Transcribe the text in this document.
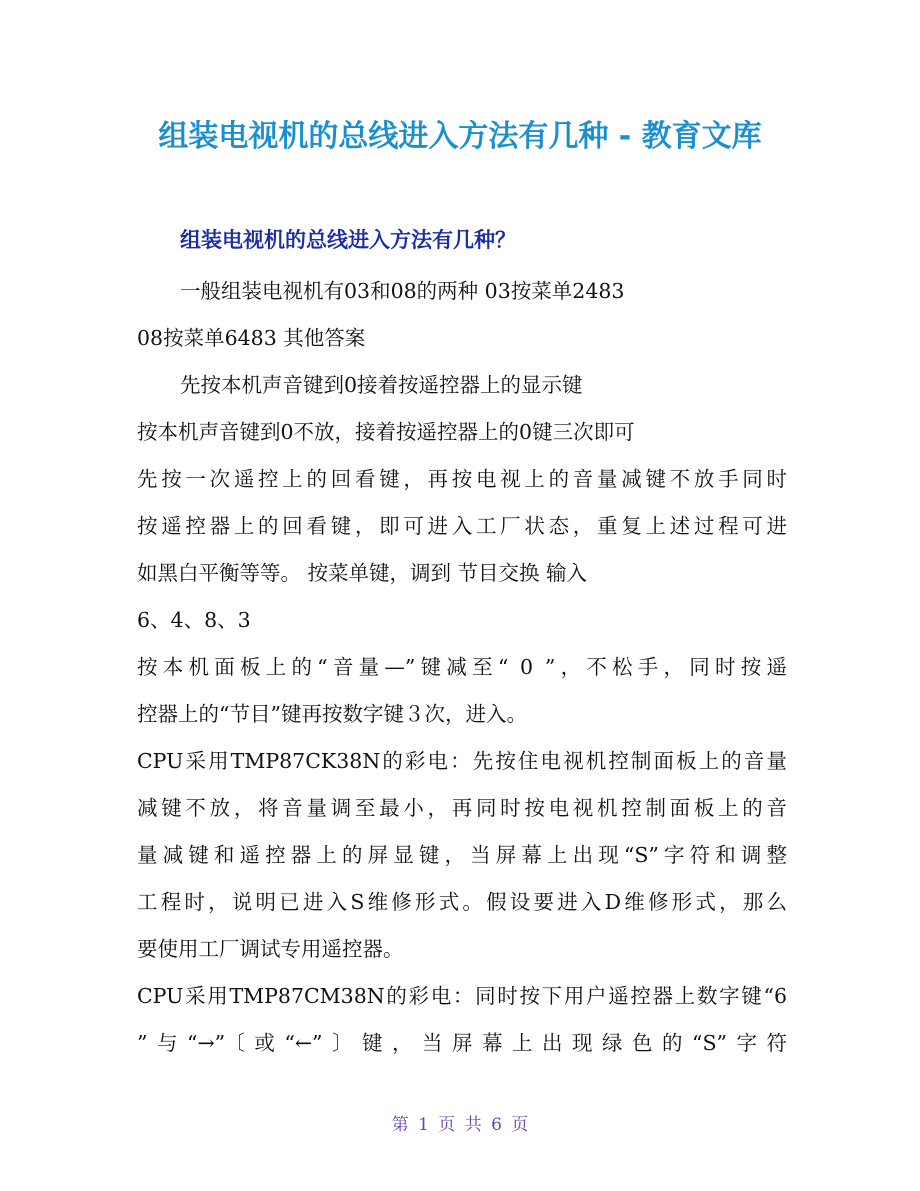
组装电视机的总线进入方法有几种 - 教育文库
组装电视机的总线进入方法有几种？
一般组装电视机有03和08的两种 03按菜单2483
08按菜单6483 其他答案
先按本机声音键到0接着按遥控器上的显示键
按本机声音键到0不放，接着按遥控器上的0键三次即可
先按一次遥控上的回看键，再按电视上的音量减键不放手同时
按遥控器上的回看键，即可进入工厂状态，重复上述过程可进
如黑白平衡等等。 按菜单键，调到 节目交换 输入
6、4、8、3
按本机面板上的“音量—”键减至“ 0 ”，不松手，同时按遥
控器上的“节目”键再按数字键３次，进入。
CPU采用TMP87CK38N的彩电：先按住电视机控制面板上的音量
减键不放，将音量调至最小，再同时按电视机控制面板上的音
量减键和遥控器上的屏显键，当屏幕上出现“S”字符和调整
工程时，说明已进入S维修形式。假设要进入D维修形式，那么
要使用工厂调试专用遥控器。
CPU采用TMP87CM38N的彩电：同时按下用户遥控器上数字键“6
”与“→”〔或“←”〕键，当屏幕上出现绿色的“S”字符
第 1 页 共 6 页
